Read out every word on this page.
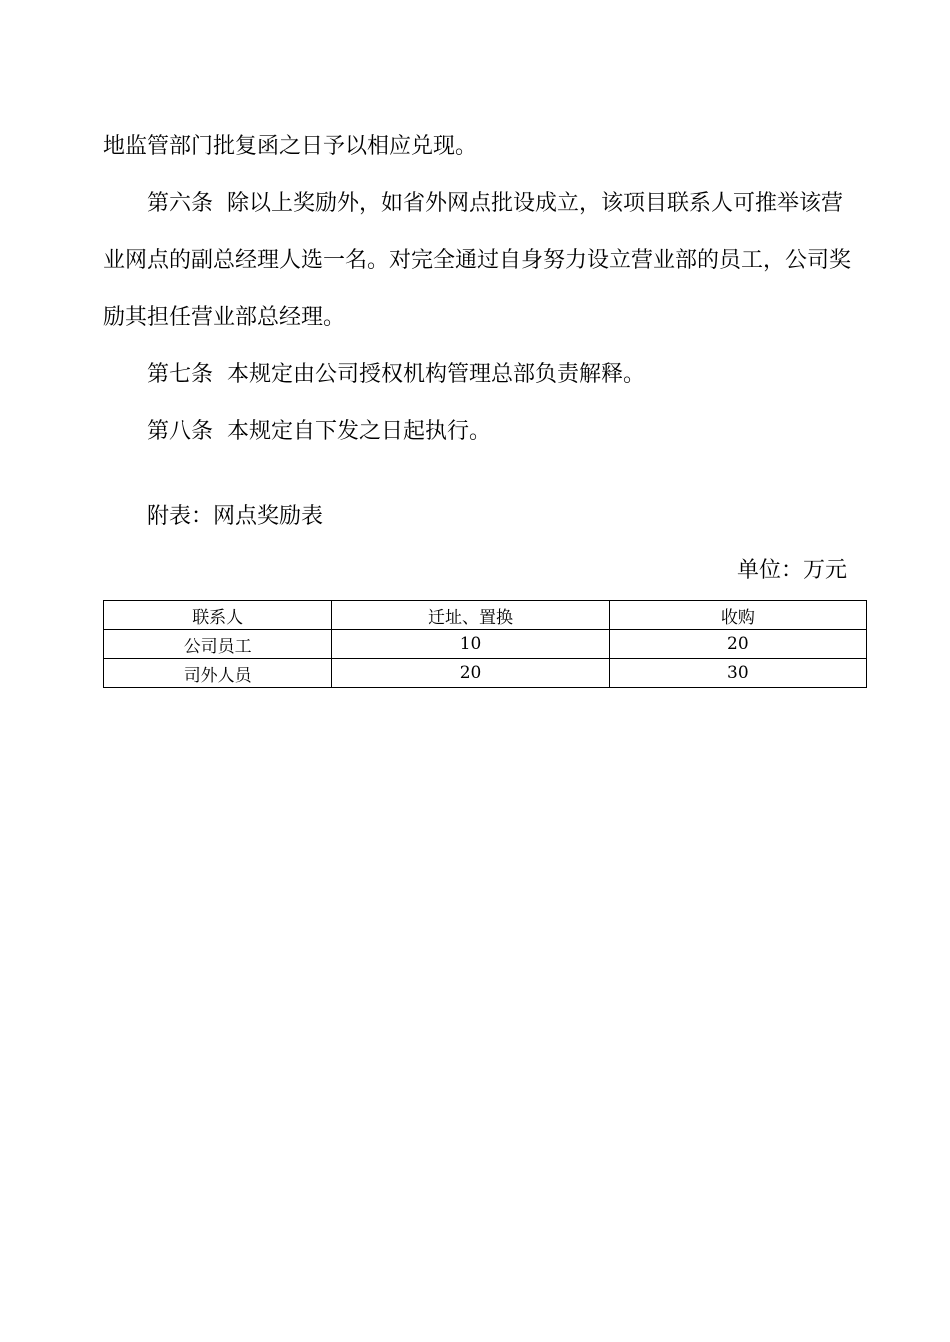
地监管部门批复函之日予以相应兑现。
第六条 除以上奖励外，如省外网点批设成立，该项目联系人可推举该营
业网点的副总经理人选一名。对完全通过自身努力设立营业部的员工，公司奖
励其担任营业部总经理。
第七条 本规定由公司授权机构管理总部负责解释。
第八条 本规定自下发之日起执行。
附表：网点奖励表
单位：万元
联系人	迁址、置换	收购
公司员工	10	20
司外人员	20	30
